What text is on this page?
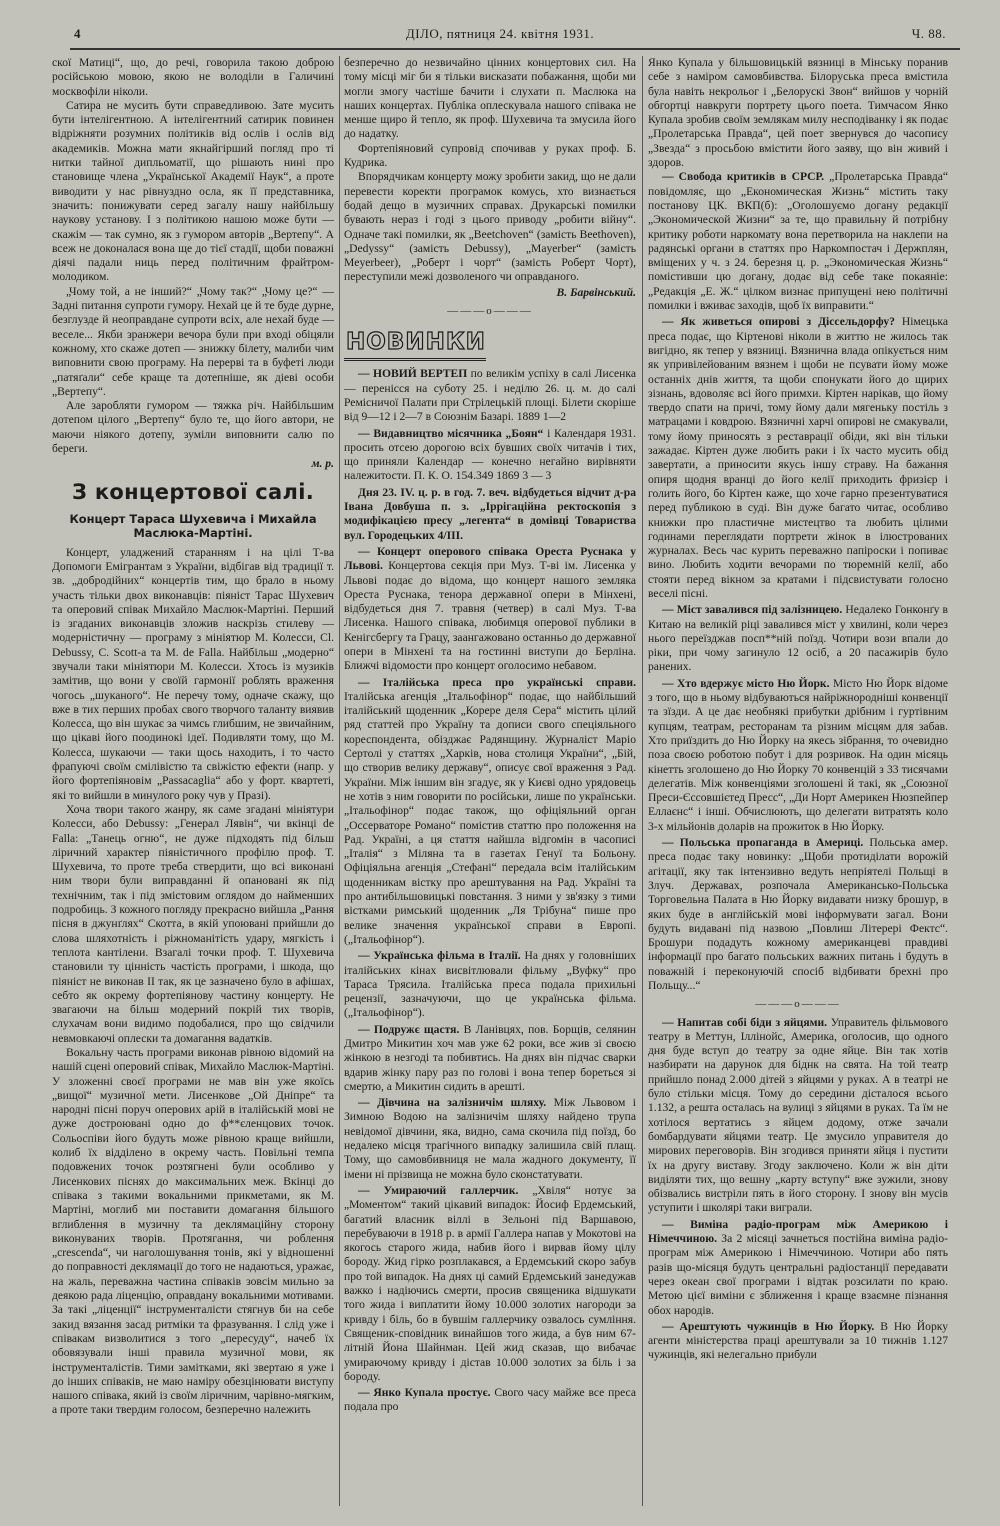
4	ДІЛО, пятниця 24. квітня 1931.	Ч. 88.

скої Матиці“, що, до речі, говорила такою доброю російською мовою, якою не володіли в Галичині москвофіли ніколи.

Сатира не мусить бути справедливою. Зате мусить бути інтелігентною. А інтелігентний сатирик повинен відріжняти розумних політиків від ослів і ослів від академиків. Можна мати якнайгірший погляд про ті нитки тайної дипльоматії, що рішають нині про становище члена „Української Академії Наук“, а проте виводити у нас рівнуздно осла, як її представника, значить: понижувати серед загалу нашу найбільшу наукову установу. І з політикою нашою може бути — скажім — так сумно, як з гумором авторів „Вертепу“. А всеж не доконалася вона ще до тієї стадії, щоби поважні діячі падали ниць перед політичним фрайтром-молодиком.

„Чому той, а не інший?“ „Чому так?“ „Чому це?“ — Задні питання супроти гумору. Нехай це й те буде дурне, безглузде й неоправдане супроти всіх, але нехай буде — веселе... Якби зранжери вечора були при вході обіцяли кожному, хто скаже дотеп — знижку білету, малиби чим виповнити свою програму. На перерві та в буфеті люди „патяґали“ себе краще та дотепніше, як діеві особи „Вертепу“.

Але заробляти гумором — тяжка річ. Найбільшим дотепом цілого „Вертепу“ було те, що його автори, не маючи ніякого дотепу, зуміли виповнити салю по береги.

м. р.
З концертової салі.
Концерт Тараса Шухевича і Михайла Маслюка-Мартіні.

Концерт, уладжений старанням і на цілі Т-ва Допомоги Емігрантам з України, відбігав від традиції т. зв. „добродійних“ концертів тим, що брало в ньому участь тільки двох виконавців: піяніст Тарас Шухевич та оперовий співак Михайло Маслюк-Мартіні. Перший із згаданих виконавців зложив наскрізь стилеву — модерністичну — програму з мініятюр М. Колесси, Cl. Debussy, C. Scott-а та M. de Falla. Найбільш „модерно“ звучали таки мініятюри М. Колесси. Хтось із музиків замітив, що вони у своїй гармонії роблять враження чогось „шуканого“. Не перечу тому, одначе скажу, що вже в тих перших пробах свого творчого таланту виявив Колесса, що він шукає за чимсь глибшим, не звичайним, що цікаві його поодинокі ідеї. Подивляти тому, що М. Колесса, шукаючи — таки щось находить, і то часто фрапуючі своїм смілівістю та свіжістю ефекти (напр. у його фортепіяновім „Passacaglia“ або у форт. квартеті, які то вийшли в минулого року чув у Празі).

Хоча твори такого жанру, як саме згадані мініятури Колесси, або Debussy: „Генерал Лявін“, чи вкінці de Falla: „Танець огню“, не дуже підходять під більш ліричний характер піяністичного профілю проф. Т. Шухевича, то проте треба ствердити, що всі виконані ним твори були виправданні й опановані як під технічним, так і під змістовим оглядом до найменших подробиць. З кожного погляду прекрасно вийшла „Рання пісня в джунґлях“ Скотта, в якій упоювані прийшли до слова шляхотність і ріжноманітість удару, мягкість і теплота кантілени. Взагалі точки проф. Т. Шухевича становили ту цінність частість програми, і шкода, що піяніст не виконав II так, як це зазначено було в афішах, себто як окрему фортепіянову частину концерту. Не звагаючи на більш модерний покрій тих творів, слухачам вони видимо подобалися, про що свідчили невмовкаючі оплески та домагання вадатків.

Вокальну часть програми виконав рівною відомий на нашій сцені оперовий співак, Михайло Маслюк-Мартіні. У зложенні своєї програми не мав він уже якоїсь „вищої“ музичної мети. Лисенкове „Ой Дніпре“ та народні пісні поруч оперових арій в італійській мові не дуже достроювані одно до ф**єленцових точок. Сольоспіви його будуть може рівною краще вийшли, колиб їх відділено в окрему часть. Повільні темпа подовжених точок розтягнені були особливо у Лисенкових піснях до максимальних меж. Вкінці до співака з такими вокальними прикметами, як М. Мартіні, моглиб ми поставити домагання більшого вглиблення в музичну та деклямаційну сторону виконуваних творів. Протягання, чи роблення „crescenda“, чи наголошування тонів, які у відношенні до поправності деклямації до того не надаються, уражає, на жаль, переважна частина співаків зовсім мильно за деякою рада ліценцію, оправдану вокальними мотивами. За такі „ліценції“ інструменталісти стягнув би на себе закид вязання засад ритміки та фразування. І слід уже і співакам визволитися з того „пересуду“, начеб їх обовязували інші правила музичної мови, як інструменталістів. Тими замітками, які звертаю я уже і до інших співаків, не маю наміру обезцінювати виступу нашого співака, який із своїм ліричним, чарівно-мягким, а проте таки твердим голосом, безперечно належить

безперечно до незвичайно цінних концертових сил. На тому місці міг би я тільки висказати побажання, щоби ми могли змогу частіше бачити і слухати п. Маслюка на наших концертах. Публіка оплескувала нашого співака не менше щиро й тепло, як проф. Шухевича та змусила його до надатку.

Фортепіяновий супровід спочивав у руках проф. Б. Кудрика.

Впорядчикам концерту можу зробити закид, що не дали перевести коректи програмок комусь, хто визнається бодай дещо в музичних справах. Друкарські помилки бувають нераз і годі з цього приводу „робити війну“. Одначе такі помилки, як „Beetchoven“ (замість Beethoven), „Dedyssy“ (замість Debussy), „Mayerber“ (замість Meyerbeer), „Роберт і чорт“ (замість Роберт Чорт), переступили межі дозволеного чи оправданого.

В. Барвінський.
———o———
НОВИНКИ

— НОВИЙ ВЕРТЕП по великім успіху в салі Лисенка — перенісся на суботу 25. і неділю 26. ц. м. до салі Ремісничої Палати при Стрілецькій площі. Білети скоріше від 9—12 і 2—7 в Союзнім Базарі. 1889 1—2

— Видавництво місячника „Боян“ і Календаря 1931. просить отсею дорогою всіх бувших своїх читачів і тих, що приняли Календар — конечно негайно вирівняти належитости. П. К. О. 154.349 1869 3 — 3

Дня 23. IV. ц. р. в год. 7. веч. відбудеться відчит д-ра Івана Довбуша п. з. „Іррігаційна ректоскопія з модифікацією пресу „легента“ в домівці Товариства вул. Городецьких 4/III.

— Концерт оперового співака Ореста Руснака у Львові. Концертова секція при Муз. Т-ві ім. Лисенка у Львові подає до відома, що концерт нашого земляка Ореста Руснака, тенора державної опери в Мінхені, відбудеться дня 7. травня (четвер) в салі Муз. Т-ва Лисенка. Нашого співака, любимця оперової публики в Кенігсбергу та Грацу, заангажовано останньо до державної опери в Мінхені та на гостинні виступи до Берліна. Ближчі відомости про концерт оголосимо небавом.

— Італійська преса про українські справи. Італійська агенція „Італьофінор“ подає, що найбільший італійський щоденник „Корере деля Сера“ містить цілий ряд статтей про Україну та дописи свого спеціяльного кореспондента, обізджає Радянщину. Журналіст Маріо Сертолі у статтях „Харків, нова столиця України“, „Бій, що створив велику державу“, описує свої враження з Рад. України. Між іншим він згадує, як у Києві одно урядовець не хотів з ним говорити по російськи, лише по українськи. „Італьофінор“ подає також, що офіціяльний орган „Оссерваторе Романо“ помістив статтю про положення на Рад. Україні, а ця стаття найшла відгомін в часописі „Італія“ з Міляна та в газетах Генуї та Больону. Офіціяльна агенція „Стефані“ передала всім італійським щоденникам вістку про арештування на Рад. Україні та про антибільшовицькі повстання. З ними у зв'язку з тими вістками римський щоденник „Ля Трібуна“ пише про велике значення української справи в Европі. („Італьофінор“).

— Українська фільма в Італії. На днях у головніших італійських кінах висвітлювали фільму „Вуфку“ про Тараса Трясила. Італійська преса подала прихильні рецензії, зазначуючи, що це українська фільма. („Італьофінор“).

— Подружє щастя. В Ланівцях, пов. Борщів, селянин Дмитро Микитин хоч мав уже 62 роки, все жив зі своєю жінкою в незгоді та побивтись. На днях він підчас сварки вдарив жінку пару раз по голові і вона тепер бореться зі смертю, а Микитин сидить в арешті.

— Дівчина на залізничім шляху. Між Львовом і Зимною Водою на залізничім шляху найдено трупа невідомої дівчини, яка, видно, сама скочила під поїзд, бо недалеко місця трагічного випадку залишила свій плащ. Тому, що самовбивниця не мала жадного документу, її імени ні прізвища не можна було сконстатувати.

— Умираючий галлерчик. „Хвіля“ нотує за „Моментом“ такий цікавий випадок: Йосиф Ердемський, багатий власник віллі в Зельоні під Варшавою, перебуваючи в 1918 р. в армії Галлера напав у Мокотові на якогось старого жида, набив його і вирвав йому цілу бороду. Жид гірко розплакався, а Ердемський скоро забув про той випадок. На днях ці самий Ердемський занедужав важко і надіючись смерти, просив священика відшукати того жида і виплатити йому 10.000 золотих нагороди за кривду і біль, бо в бувшім галлерчику озвалось сумління. Священик-сповідник винайшов того жида, а був ним 67-літній Йона Шайнман. Цей жид сказав, що вибачає умираючому кривду і дістав 10.000 золотих за біль і за бороду.

— Янко Купала простує. Свого часу майже все преса подала про

Янко Купала у більшовицькій вязниці в Мінську поранив себе з наміром самовбивства. Білоруська преса вмістила була навіть некрольог і „Белорускі Звон“ вийшов у чорній обгортці навкруги портрету цього поета. Тимчасом Янко Купала зробив своїм землякам милу несподіванку і як подає „Пролетарська Правда“, цей поет звернувся до часопису „Звезда“ з просьбою вмістити його заяву, що він живий і здоров.

— Свобода критиків в СРСР. „Пролетарська Правда“ повідомляє, що „Економическая Жизнь“ містить таку постанову ЦК. ВКП(б): „Оголошуємо догану редакції „Экономической Жизни“ за те, що правильну й потрібну критику роботи наркомату вона перетворила на наклепи на радянські органи в статтях про Наркомпостач і Держплян, вміщених у ч. з 24. березня ц. р. „Экономическая Жизнь“ помістивши цю догану, додає від себе таке покаяніе: „Редакція „Е. Ж.“ цілком визнає припущені нею політичні помилки і вживає заходів, щоб їх виправити.“

— Як живеться опирові з Діссельдорфу? Німецька преса подає, що Кіртенові ніколи в життю не жилось так вигідно, як тепер у вязниці. Вязнична влада опікується ним як упривілейованим вязнем і щоби не псувати йому може останніх днів життя, та щоби спонукати його до щирих зізнань, вдоволяє всі його примхи. Кіртен нарікав, що йому твердо спати на причі, тому йому дали мягеньку постіль з матрацами і ковдрою. Вязничні харчі опирові не смакували, тому йому приносять з реставрації обіди, які він тільки зажадає. Кіртен дуже любить раки і їх часто мусить обід завертати, а приносити якусь іншу страву. На бажання опиря щодня вранці до його келії приходить фризієр і голить його, бо Кіртен каже, що хоче гарно презентуватися перед публикою в суді. Він дуже багато читає, особливо книжки про пластичне мистецтво та любить цілими годинами переглядати портрети жінок в ілюстрованих журналах. Весь час курить переважно папіроски і попиває вино. Любить ходити вечорами по тюремній келії, або стояти перед вікном за кратами і підсвистувати голосно веселі пісні.

— Міст завалився під залізницею. Недалеко Гонконґу в Китаю на великій ріці завалився міст у хвилині, коли через нього переїзджав посп**ній поїзд. Чотири вози впали до ріки, при чому загинуло 12 осіб, а 20 пасажирів було ранених.

— Хто вдержує місто Ню Йорк. Місто Ню Йорк відоме з того, що в ньому відбуваються найріжнородніші конвенції та зїзди. А це дає необнякі прибутки дрібним і гуртівним купцям, театрам, ресторанам та різним місцям для забав. Хто приїздить до Ню Йорку на якесь зібрання, то очевидно поза своєю роботою побут і для розривок. На один місяць кінетть зголошено до Ню Йорку 70 конвенцій з 33 тисячами делегатів. Між конвенціями зголошені й такі, як „Союзної Преси-Єссовшієтед Пресс“, „Ди Норт Америкен Нюзпейпер Еллаєнс“ і інші. Обчислюють, що делегати витратять коло 3-х мільйонів доларів на прожиток в Ню Йорку.

— Польська пропаганда в Америці. Польська амер. преса подає таку новинку: „Щоби протиділати ворожій агітації, яку так інтензивно ведуть непріятелі Польщі в Злуч. Державах, розпочала Американсько-Польська Торговельна Палата в Ню Йорку видавати низку брошур, в яких буде в англійській мові інформувати загал. Вони будуть видавані під назвою „Повлиш Літерері Фектс“. Брошури подадуть кожному американцеві правдиві інформації про багато польських важних питань і будуть в поважній і переконуючій спосіб відбивати брехні про Польщу...“

———o———

— Напитав собі біди з яйцями. Управитель фільмового театру в Меттун, Іллінойс, Америка, оголосив, що одного дня буде вступ до театру за одне яйце. Він так хотів назбирати на дарунок для біднк на свята. На той театр прийшло понад 2.000 дітей з яйцями у руках. А в театрі не було стільки місця. Тому до середини дісталося всього 1.132, а решта осталась на вулиці з яйцями в руках. Та їм не хотілося вертатись з яйцем додому, отже зачали бомбардувати яйцями театр. Це змусило управителя до мирових переговорів. Він згодився приняти яйця і пустити їх на другу виставу. Згоду заключено. Коли ж він діти виділяти тих, що вешну „карту вступу“ вже зужили, знову обізвались вистріли пять в його сторону. І знову він мусів уступити і школярі таки виграли.

— Виміна радіо-програм між Америкою і Німеччиною. За 2 місяці зачнеться постійна виміна радіо-програм між Америкою і Німеччиною. Чотири або пять разів що-місяця будуть центральні радіостанції передавати через океан свої програми і відтак розсилати по краю. Метою цієї виміни є зближення і краще взаємне пізнання обох народів.

— Арештують чужинців в Ню Йорку. В Ню Йорку агенти міністерства праці арештували за 10 тижнів 1.127 чужинців, які нелегально прибули
